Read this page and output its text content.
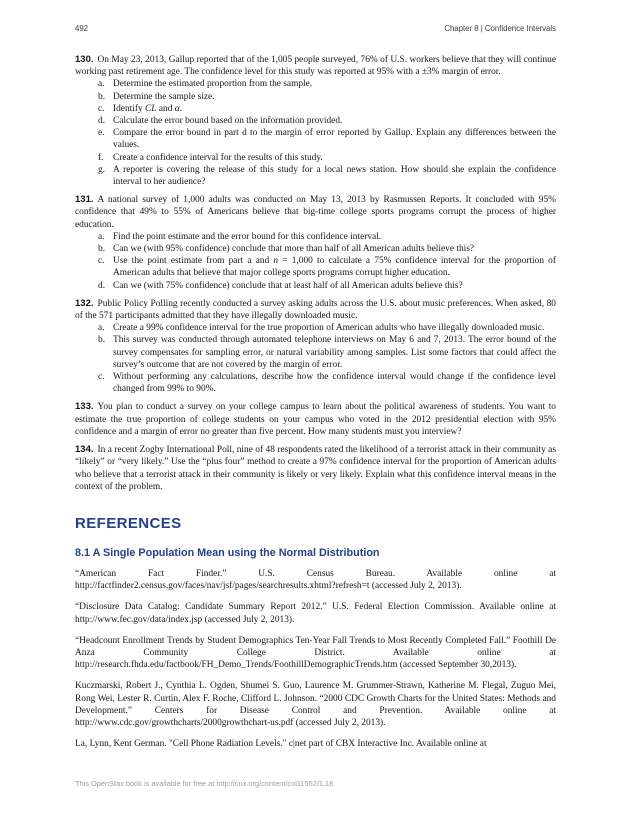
492	Chapter 8 | Confidence Intervals

130. On May 23, 2013, Gallup reported that of the 1,005 people surveyed, 76% of U.S. workers believe that they will continue working past retirement age. The confidence level for this study was reported at 95% with a ±3% margin of error.

a. Determine the estimated proportion from the sample.
b. Determine the sample size.
c. Identify CL and α.
d. Calculate the error bound based on the information provided.
e. Compare the error bound in part d to the margin of error reported by Gallup. Explain any differences between the values.
f.	Create a confidence interval for the results of this study.
g. A reporter is covering the release of this study for a local news station. How should she explain the confidence interval to her audience?

131. A national survey of 1,000 adults was conducted on May 13, 2013 by Rasmussen Reports. It concluded with 95% confidence that 49% to 55% of Americans believe that big-time college sports programs corrupt the process of higher education.

a. Find the point estimate and the error bound for this confidence interval.
b. Can we (with 95% confidence) conclude that more than half of all American adults believe this?
c. Use the point estimate from part a and n = 1,000 to calculate a 75% confidence interval for the proportion of American adults that believe that major college sports programs corrupt higher education.
d. Can we (with 75% confidence) conclude that at least half of all American adults believe this?

132. Public Policy Polling recently conducted a survey asking adults across the U.S. about music preferences. When asked, 80 of the 571 participants admitted that they have illegally downloaded music.

a. Create a 99% confidence interval for the true proportion of American adults who have illegally downloaded music.
b. This survey was conducted through automated telephone interviews on May 6 and 7, 2013. The error bound of the survey compensates for sampling error, or natural variability among samples. List some factors that could affect the survey’s outcome that are not covered by the margin of error.
c. Without performing any calculations, describe how the confidence interval would change if the confidence level changed from 99% to 90%.

133. You plan to conduct a survey on your college campus to learn about the political awareness of students. You want to estimate the true proportion of college students on your campus who voted in the 2012 presidential election with 95% confidence and a margin of error no greater than five percent. How many students must you interview?

134. In a recent Zogby International Poll, nine of 48 respondents rated the likelihood of a terrorist attack in their community as “likely” or “very likely.” Use the “plus four” method to create a 97% confidence interval for the proportion of American adults who believe that a terrorist attack in their community is likely or very likely. Explain what this confidence interval means in the context of the problem.

REFERENCES
8.1 A Single Population Mean using the Normal Distribution

“American Fact Finder.” U.S. Census Bureau. Available online at http://factfinder2.census.gov/faces/nav/jsf/pages/searchresults.xhtml?refresh=t (accessed July 2, 2013).

“Disclosure Data Catalog: Candidate Summary Report 2012.” U.S. Federal Election Commission. Available online at http://www.fec.gov/data/index.jsp (accessed July 2, 2013).

“Headcount Enrollment Trends by Student Demographics Ten-Year Fall Trends to Most Recently Completed Fall.” Foothill De Anza Community College District. Available online at http://research.fhda.edu/factbook/FH_Demo_Trends/FoothillDemographicTrends.htm (accessed September 30,2013).

Kuczmarski, Robert J., Cynthia L. Ogden, Shumei S. Guo, Laurence M. Grummer-Strawn, Katherine M. Flegal, Zuguo Mei, Rong Wei, Lester R. Curtin, Alex F. Roche, Clifford L. Johnson. “2000 CDC Growth Charts for the United States: Methods and Development.” Centers for Disease Control and Prevention. Available online at http://www.cdc.gov/growthcharts/2000growthchart-us.pdf (accessed July 2, 2013).

La, Lynn, Kent German. "Cell Phone Radiation Levels." c|net part of CBX Interactive Inc. Available online at

This OpenStax book is available for free at http://cnx.org/content/col11562/1.18
